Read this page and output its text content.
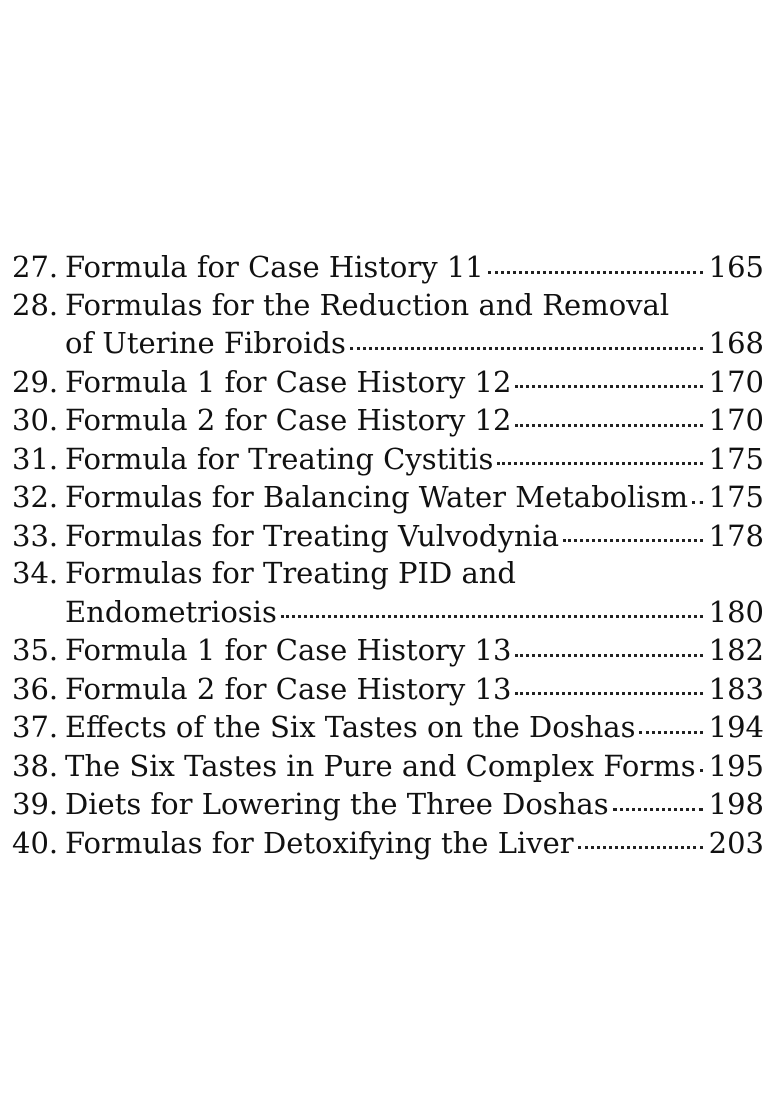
27. Formula for Case History 11	165
28. Formulas for the Reduction and Removal
of Uterine Fibroids	168
29. Formula 1 for Case History 12	170
30. Formula 2 for Case History 12	170
31. Formula for Treating Cystitis	175
32. Formulas for Balancing Water Metabolism 175
33. Formulas for Treating Vulvodynia	178
34. Formulas for Treating PID and
Endometriosis	180
35. Formula 1 for Case History 13	182
36. Formula 2 for Case History 13	183
37. Effects of the Six Tastes on the Doshas	194
38. The Six Tastes in Pure and Complex Forms 195
39. Diets for Lowering the Three Doshas	198
40. Formulas for Detoxifying the Liver	203
